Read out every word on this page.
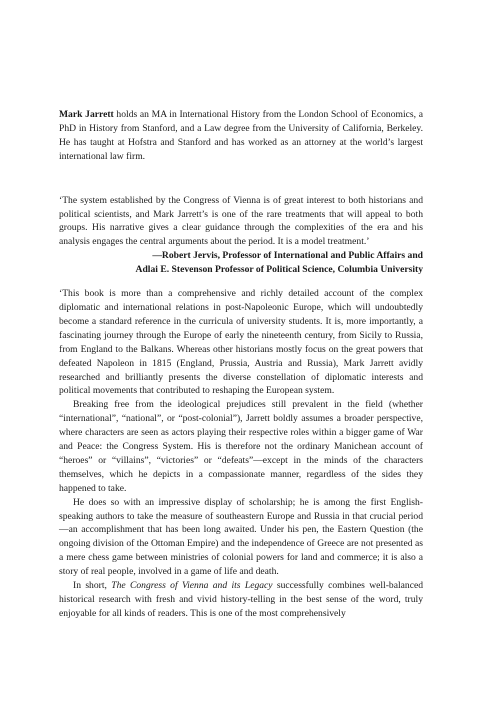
Mark Jarrett holds an MA in International History from the London School of Economics, a PhD in History from Stanford, and a Law degree from the University of California, Berkeley. He has taught at Hofstra and Stanford and has worked as an attorney at the world’s largest international law firm.

‘The system established by the Congress of Vienna is of great interest to both historians and political scientists, and Mark Jarrett’s is one of the rare treatments that will appeal to both groups. His narrative gives a clear guidance through the complexities of the era and his analysis engages the central arguments about the period. It is a model treatment.’

—Robert Jervis, Professor of International and Public Affairs and

Adlai E. Stevenson Professor of Political Science, Columbia University

‘This book is more than a comprehensive and richly detailed account of the complex diplomatic and international relations in post-Napoleonic Europe, which will undoubtedly become a standard reference in the curricula of university students. It is, more importantly, a fascinating journey through the Europe of early the nineteenth century, from Sicily to Russia, from England to the Balkans. Whereas other historians mostly focus on the great powers that defeated Napoleon in 1815 (England, Prussia, Austria and Russia), Mark Jarrett avidly researched and brilliantly presents the diverse constellation of diplomatic interests and political movements that contributed to reshaping the European system.

Breaking free from the ideological prejudices still prevalent in the field (whether “international”, “national”, or “post-colonial”), Jarrett boldly assumes a broader perspective, where characters are seen as actors playing their respective roles within a bigger game of War and Peace: the Congress System. His is therefore not the ordinary Manichean account of “heroes” or “villains”, “victories” or “defeats”—except in the minds of the characters themselves, which he depicts in a compassionate manner, regardless of the sides they happened to take.

He does so with an impressive display of scholarship; he is among the first English-speaking authors to take the measure of southeastern Europe and Russia in that crucial period—an accomplishment that has been long awaited. Under his pen, the Eastern Question (the ongoing division of the Ottoman Empire) and the independence of Greece are not presented as a mere chess game between ministries of colonial powers for land and commerce; it is also a story of real people, involved in a game of life and death.

In short, The Congress of Vienna and its Legacy successfully combines well-balanced historical research with fresh and vivid history-telling in the best sense of the word, truly enjoyable for all kinds of readers. This is one of the most comprehensively
